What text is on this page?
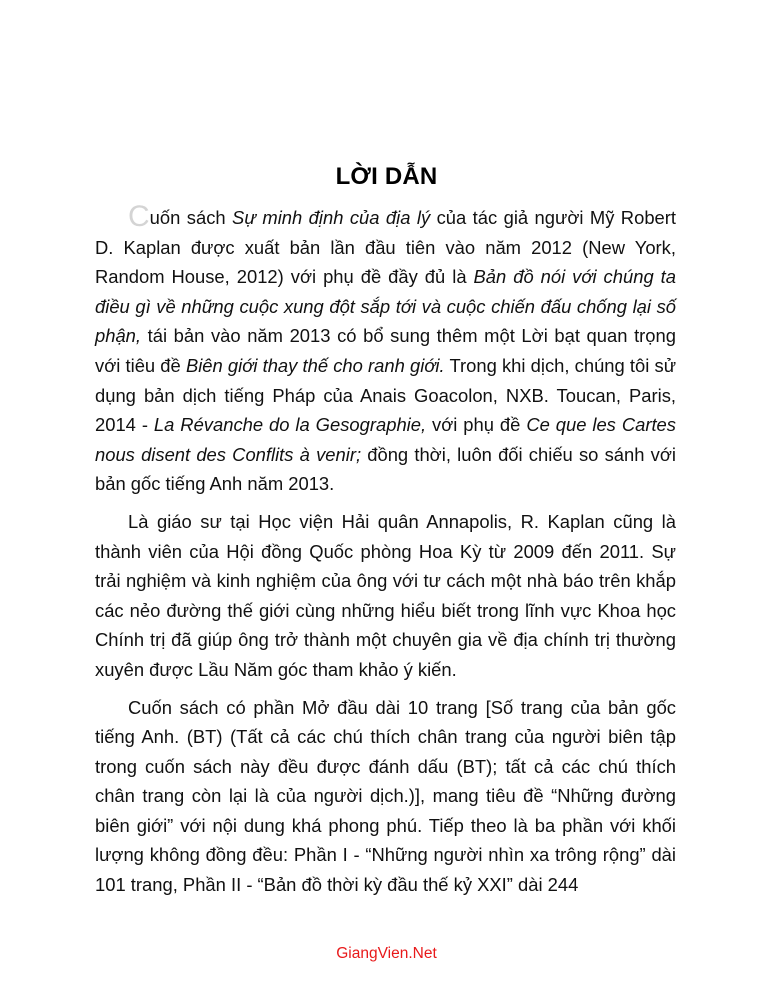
LỜI DẪN

Cuốn sách Sự minh định của địa lý của tác giả người Mỹ Robert D. Kaplan được xuất bản lần đầu tiên vào năm 2012 (New York, Random House, 2012) với phụ đề đầy đủ là Bản đồ nói với chúng ta điều gì về những cuộc xung đột sắp tới và cuộc chiến đấu chống lại số phận, tái bản vào năm 2013 có bổ sung thêm một Lời bạt quan trọng với tiêu đề Biên giới thay thế cho ranh giới. Trong khi dịch, chúng tôi sử dụng bản dịch tiếng Pháp của Anais Goacolon, NXB. Toucan, Paris, 2014 - La Révanche do la Gesographie, với phụ đề Ce que les Cartes nous disent des Conflits à venir; đồng thời, luôn đối chiếu so sánh với bản gốc tiếng Anh năm 2013.

Là giáo sư tại Học viện Hải quân Annapolis, R. Kaplan cũng là thành viên của Hội đồng Quốc phòng Hoa Kỳ từ 2009 đến 2011. Sự trải nghiệm và kinh nghiệm của ông với tư cách một nhà báo trên khắp các nẻo đường thế giới cùng những hiểu biết trong lĩnh vực Khoa học Chính trị đã giúp ông trở thành một chuyên gia về địa chính trị thường xuyên được Lầu Năm góc tham khảo ý kiến.

Cuốn sách có phần Mở đầu dài 10 trang [Số trang của bản gốc tiếng Anh. (BT) (Tất cả các chú thích chân trang của người biên tập trong cuốn sách này đều được đánh dấu (BT); tất cả các chú thích chân trang còn lại là của người dịch.)], mang tiêu đề “Những đường biên giới” với nội dung khá phong phú. Tiếp theo là ba phần với khối lượng không đồng đều: Phần I - “Những người nhìn xa trông rộng” dài 101 trang, Phần II - “Bản đồ thời kỳ đầu thế kỷ XXI” dài 244

GiangVien.Net
